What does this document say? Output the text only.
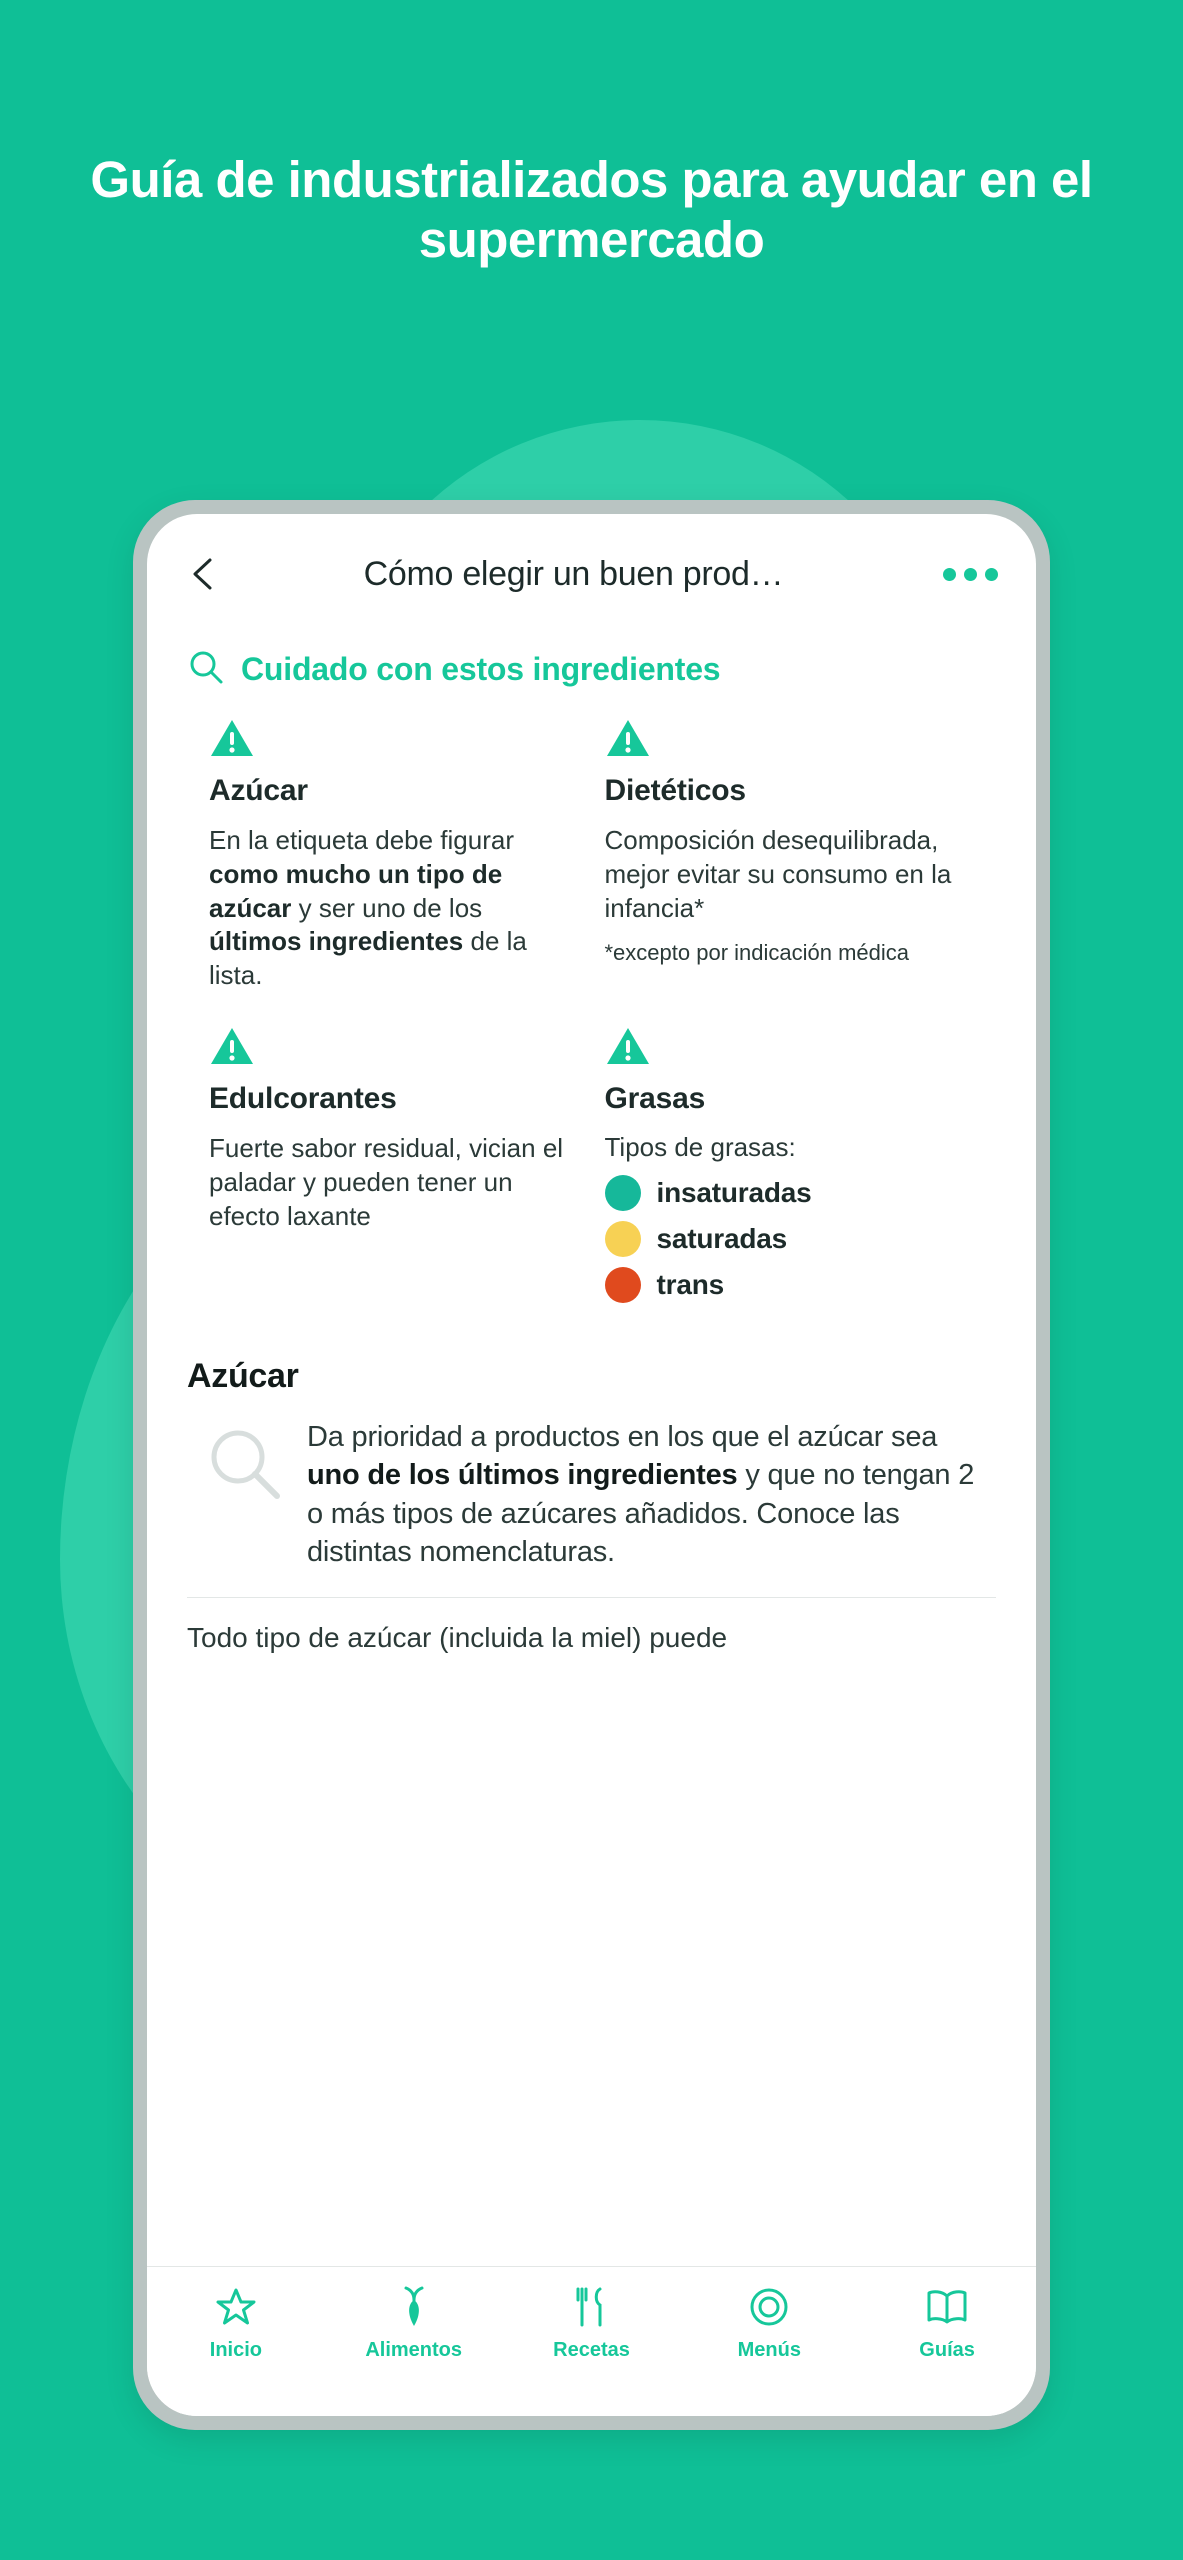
Guía de industrializados para ayudar en el supermercado
Cómo elegir un buen prod…
Cuidado con estos ingredientes
Azúcar

En la etiqueta debe figurar como mucho un tipo de azúcar y ser uno de los últimos ingredientes de la lista.

Dietéticos

Composición desequilibrada, mejor evitar su consumo en la infancia*

*excepto por indicación médica
Edulcorantes

Fuerte sabor residual, vician el paladar y pueden tener un efecto laxante

Grasas
Tipos de grasas:
insaturadas
saturadas
trans
Azúcar

Da prioridad a productos en los que el azúcar sea uno de los últimos ingredientes y que no tengan 2 o más tipos de azúcares añadidos. Conoce las distintas nomenclaturas.

Todo tipo de azúcar (incluida la miel) puede
Inicio	Alimentos	Recetas	Menús	Guías
